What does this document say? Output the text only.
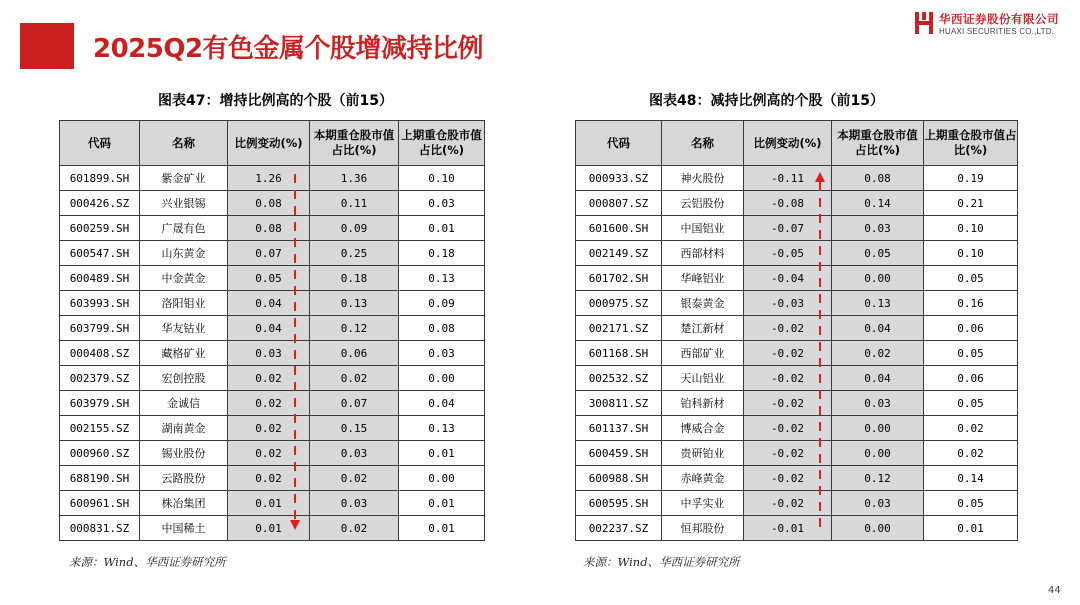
2025Q2有色金属个股增减持比例
华西证券股份有限公司
HUAXI SECURITIES CO.,LTD.
图表47：增持比例高的个股（前15）	图表48：减持比例高的个股（前15）
代码	名称	比例变动(%)	本期重仓股市值占比(%)	上期重仓股市值占比(%)
601899.SH	紫金矿业	1.26	1.36	0.10
000426.SZ	兴业银锡	0.08	0.11	0.03
600259.SH	广晟有色	0.08	0.09	0.01
600547.SH	山东黄金	0.07	0.25	0.18
600489.SH	中金黄金	0.05	0.18	0.13
603993.SH	洛阳钼业	0.04	0.13	0.09
603799.SH	华友钴业	0.04	0.12	0.08
000408.SZ	藏格矿业	0.03	0.06	0.03
002379.SZ	宏创控股	0.02	0.02	0.00
603979.SH	金诚信	0.02	0.07	0.04
002155.SZ	湖南黄金	0.02	0.15	0.13
000960.SZ	锡业股份	0.02	0.03	0.01
688190.SH	云路股份	0.02	0.02	0.00
600961.SH	株冶集团	0.01	0.03	0.01
000831.SZ	中国稀土	0.01	0.02	0.01
代码	名称	比例变动(%)	本期重仓股市值占比(%)	上期重仓股市值占比(%)
000933.SZ	神火股份	-0.11	0.08	0.19
000807.SZ	云铝股份	-0.08	0.14	0.21
601600.SH	中国铝业	-0.07	0.03	0.10
002149.SZ	西部材料	-0.05	0.05	0.10
601702.SH	华峰铝业	-0.04	0.00	0.05
000975.SZ	银泰黄金	-0.03	0.13	0.16
002171.SZ	楚江新材	-0.02	0.04	0.06
601168.SH	西部矿业	-0.02	0.02	0.05
002532.SZ	天山铝业	-0.02	0.04	0.06
300811.SZ	铂科新材	-0.02	0.03	0.05
601137.SH	博威合金	-0.02	0.00	0.02
600459.SH	贵研铂业	-0.02	0.00	0.02
600988.SH	赤峰黄金	-0.02	0.12	0.14
600595.SH	中孚实业	-0.02	0.03	0.05
002237.SZ	恒邦股份	-0.01	0.00	0.01
来源：Wind、华西证券研究所	来源：Wind、华西证券研究所
44
